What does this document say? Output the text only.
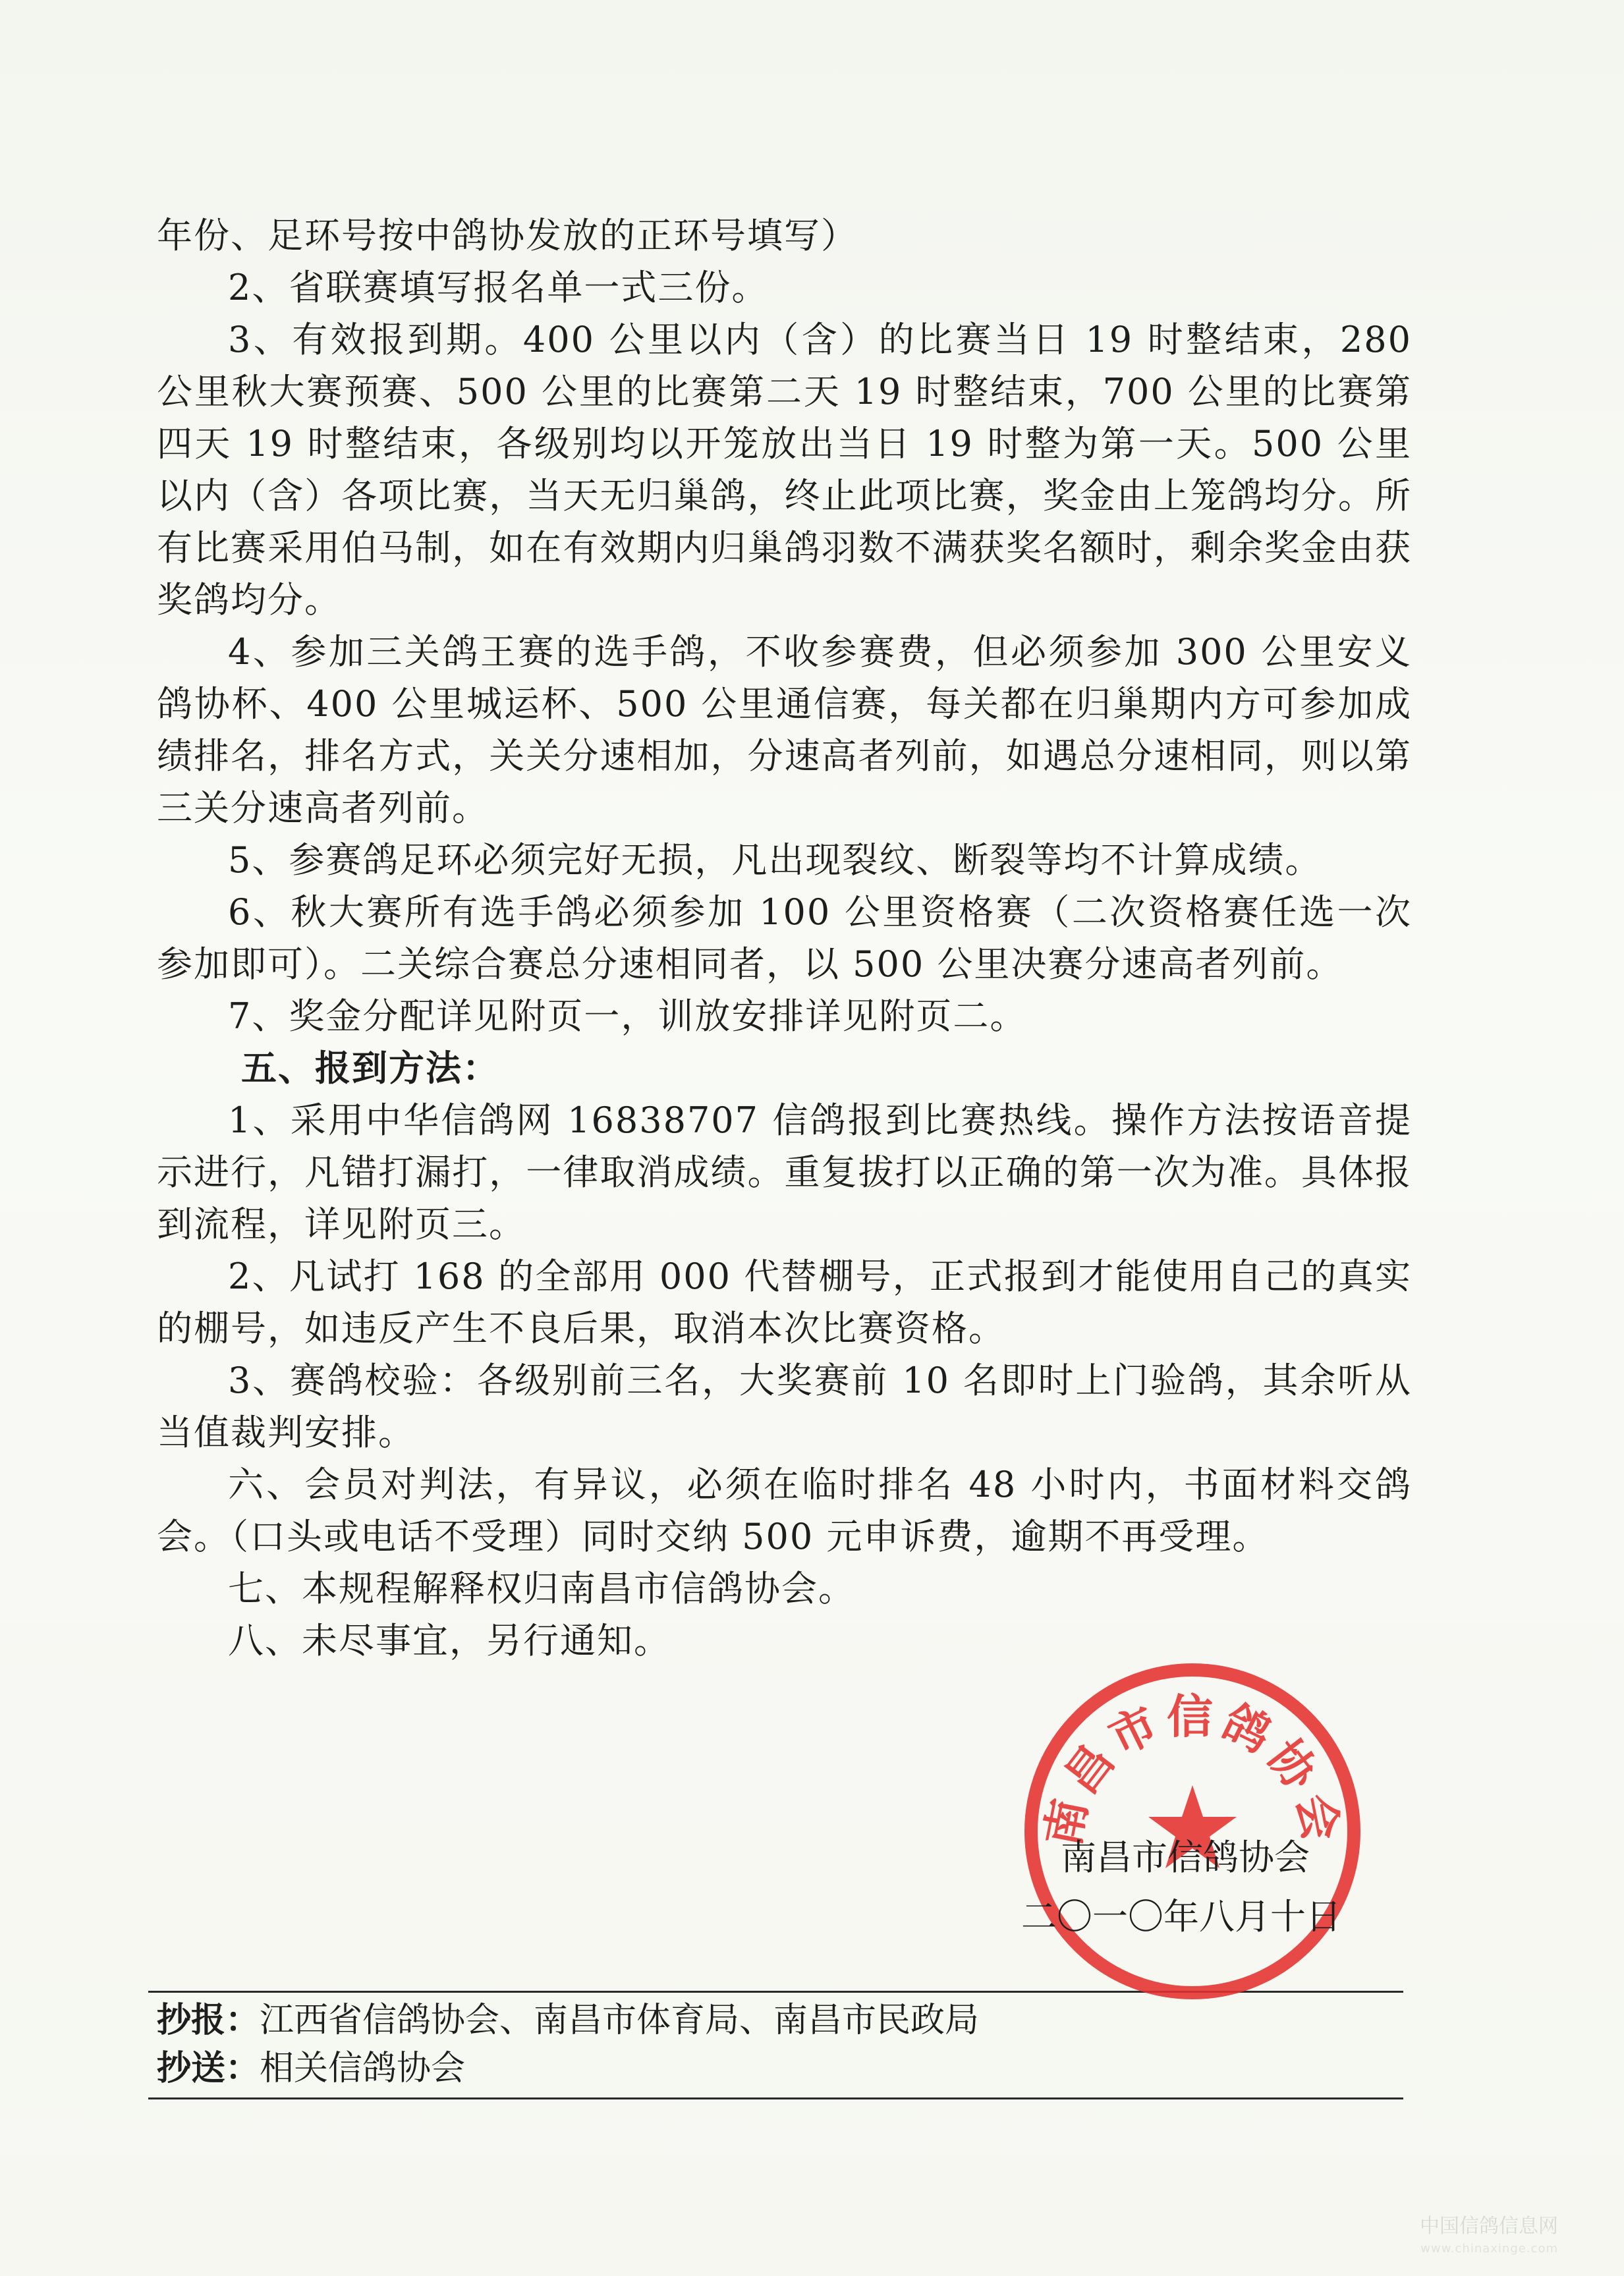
年份、足环号按中鸽协发放的正环号填写）

2、省联赛填写报名单一式三份。

3、有效报到期。400 公里以内（含）的比赛当日 19 时整结束，280 公里秋大赛预赛、500 公里的比赛第二天 19 时整结束，700 公里的比赛第四天 19 时整结束，各级别均以开笼放出当日 19 时整为第一天。500 公里以内（含）各项比赛，当天无归巢鸽，终止此项比赛，奖金由上笼鸽均分。所有比赛采用伯马制，如在有效期内归巢鸽羽数不满获奖名额时，剩余奖金由获奖鸽均分。

4、参加三关鸽王赛的选手鸽，不收参赛费，但必须参加 300 公里安义鸽协杯、400 公里城运杯、500 公里通信赛，每关都在归巢期内方可参加成绩排名，排名方式，关关分速相加，分速高者列前，如遇总分速相同，则以第三关分速高者列前。

5、参赛鸽足环必须完好无损，凡出现裂纹、断裂等均不计算成绩。

6、秋大赛所有选手鸽必须参加 100 公里资格赛（二次资格赛任选一次参加即可）。二关综合赛总分速相同者，以 500 公里决赛分速高者列前。

7、奖金分配详见附页一，训放安排详见附页二。

五、报到方法：

1、采用中华信鸽网 16838707 信鸽报到比赛热线。操作方法按语音提示进行，凡错打漏打，一律取消成绩。重复拔打以正确的第一次为准。具体报到流程，详见附页三。

2、凡试打 168 的全部用 000 代替棚号，正式报到才能使用自己的真实的棚号，如违反产生不良后果，取消本次比赛资格。

3、赛鸽校验：各级别前三名，大奖赛前 10 名即时上门验鸽，其余听从当值裁判安排。

六、会员对判法，有异议，必须在临时排名 48 小时内，书面材料交鸽会。（口头或电话不受理）同时交纳 500 元申诉费，逾期不再受理。

七、本规程解释权归南昌市信鸽协会。

八、未尽事宜，另行通知。

南昌市信鸽协会
南昌市信鸽协会
二〇一〇年八月十日
抄报：江西省信鸽协会、南昌市体育局、南昌市民政局
抄送：相关信鸽协会
中国信鸽信息网
www.chinaxinge.com
